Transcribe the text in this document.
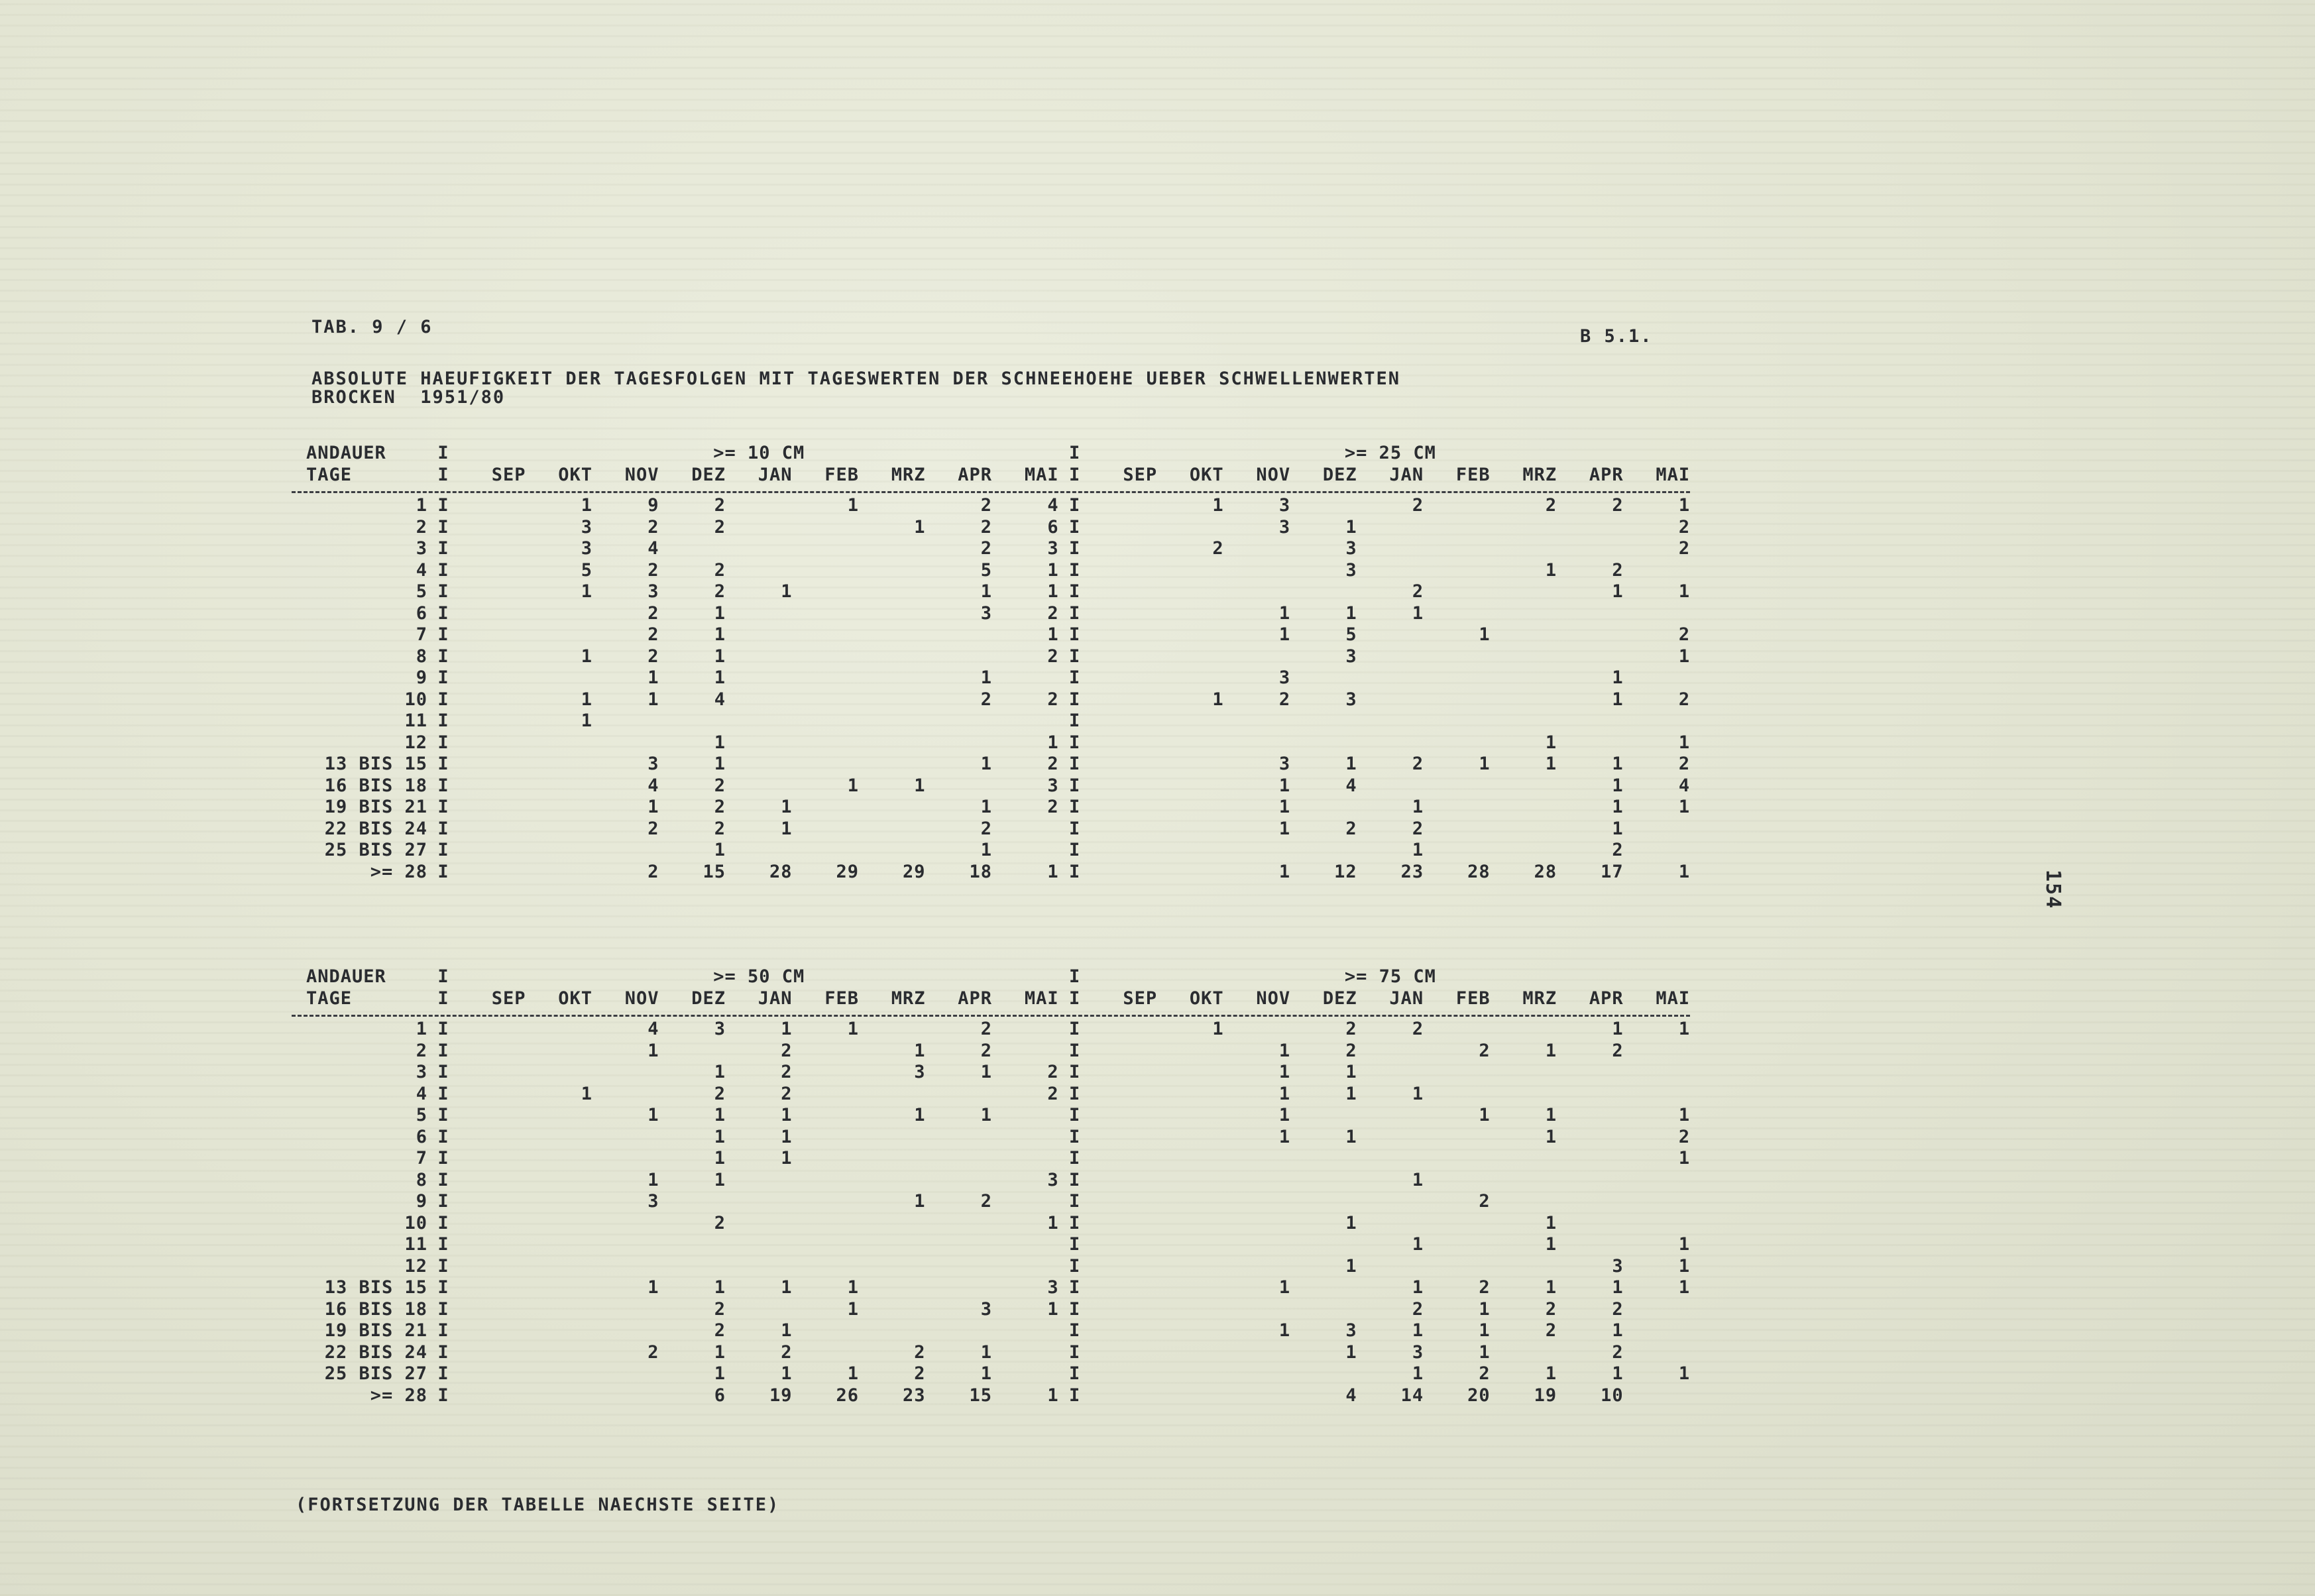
TAB. 9 / 6	B 5.1.
ABSOLUTE HAEUFIGKEIT DER TAGESFOLGEN MIT TAGESWERTEN DER SCHNEEHOEHE UEBER SCHWELLENWERTEN
BROCKEN  1951/80
ANDAUER	I	>= 10 CM									I	>= 25 CM								
TAGE	I	SEP	OKT	NOV	DEZ	JAN	FEB	MRZ	APR	MAI	I	SEP	OKT	NOV	DEZ	JAN	FEB	MRZ	APR	MAI

1	I		1	9	2		1		2	4	I		1	3		2		2	2	1
2	I		3	2	2			1	2	6	I			3	1					2
3	I		3	4					2	3	I		2		3					2
4	I		5	2	2				5	1	I				3			1	2	
5	I		1	3	2	1			1	1	I					2			1	1
6	I			2	1				3	2	I			1	1	1				
7	I			2	1					1	I			1	5		1			2
8	I		1	2	1					2	I				3					1
9	I			1	1				1		I			3					1	
10	I		1	1	4				2	2	I		1	2	3				1	2
11	I		1								I									
12	I				1					1	I							1		1
13 BIS 15	I			3	1				1	2	I			3	1	2	1	1	1	2
16 BIS 18	I			4	2		1	1		3	I			1	4				1	4
19 BIS 21	I			1	2	1			1	2	I			1		1			1	1
22 BIS 24	I			2	2	1			2		I			1	2	2			1	
25 BIS 27	I				1				1		I					1			2	
>= 28	I			2	15	28	29	29	18	1	I			1	12	23	28	28	17	1
ANDAUER	I	>= 50 CM									I	>= 75 CM								
TAGE	I	SEP	OKT	NOV	DEZ	JAN	FEB	MRZ	APR	MAI	I	SEP	OKT	NOV	DEZ	JAN	FEB	MRZ	APR	MAI

1	I			4	3	1	1		2		I		1		2	2			1	1
2	I			1		2		1	2		I			1	2		2	1	2	
3	I				1	2		3	1	2	I			1	1					
4	I		1		2	2				2	I			1	1	1				
5	I			1	1	1		1	1		I			1			1	1		1
6	I				1	1					I			1	1			1		2
7	I				1	1					I									1
8	I			1	1					3	I					1				
9	I			3				1	2		I						2			
10	I				2					1	I				1			1		
11	I										I					1		1		1
12	I										I				1				3	1
13 BIS 15	I			1	1	1	1			3	I			1		1	2	1	1	1
16 BIS 18	I				2		1		3	1	I					2	1	2	2	
19 BIS 21	I				2	1					I			1	3	1	1	2	1	
22 BIS 24	I			2	1	2		2	1		I				1	3	1		2	
25 BIS 27	I				1	1	1	2	1		I					1	2	1	1	1
>= 28	I				6	19	26	23	15	1	I				4	14	20	19	10	
(FORTSETZUNG DER TABELLE NAECHSTE SEITE)
154
